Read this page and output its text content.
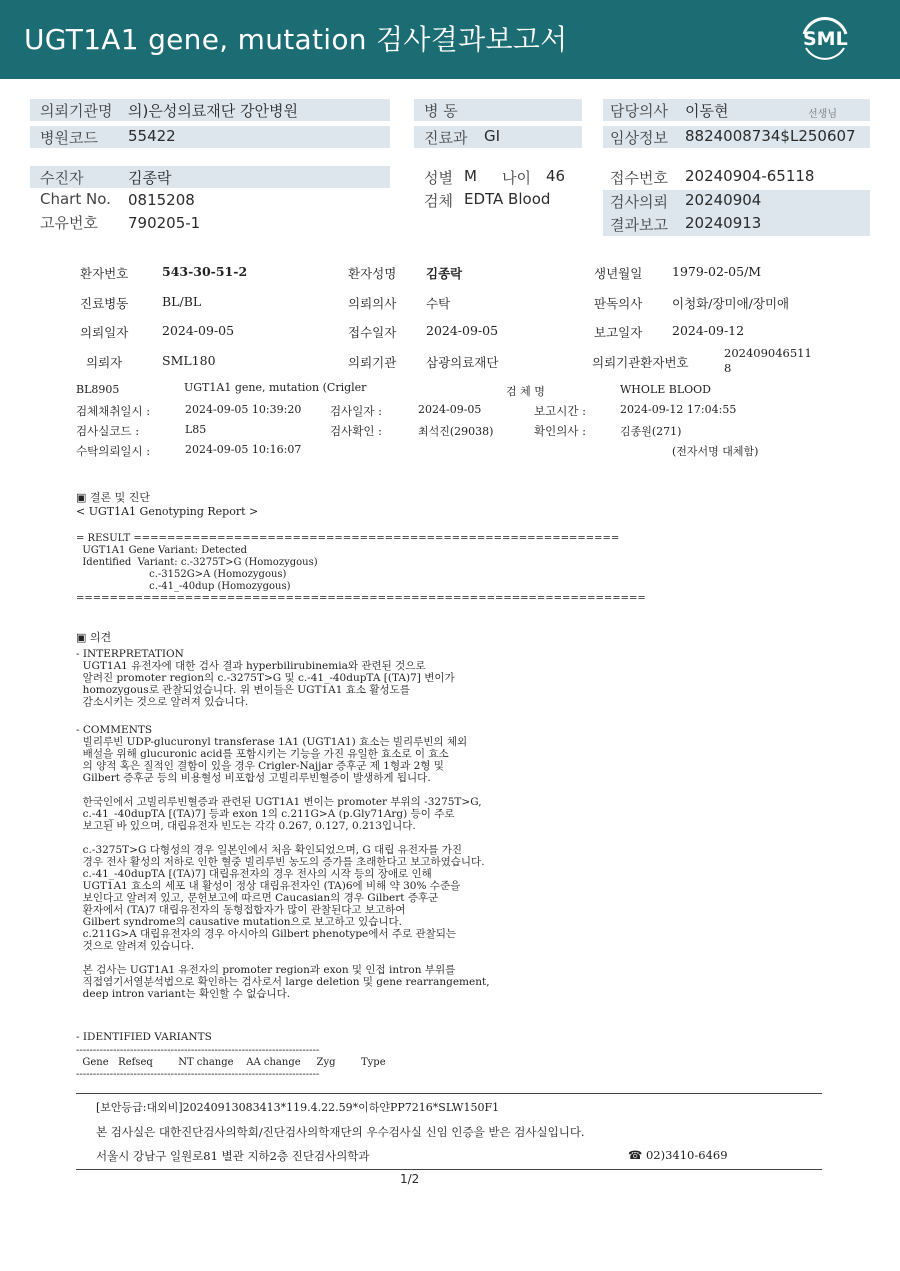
UGT1A1 gene, mutation 검사결과보고서	SML
의뢰기관명 의)은성의료재단 강안병원	병 동	담당의사 이동현	선생님
병원코드 55422	진료과 GI	임상정보 8824008734$L250607
수진자	김종락	성별 M 나이 46	접수번호 20240904-65118
Chart No. 0815208	검체 EDTA Blood	검사의뢰 20240904
고유번호 790205-1	결과보고 20240913
환자번호	543-30-51-2	환자성명 김종락	생년월일 1979-02-05/M
진료병동	BL/BL	의뢰의사 수탁	판독의사 이청화/장미애/장미애
의뢰일자	2024-09-05	접수일자 2024-09-05	보고일자 2024-09-12
의뢰자	SML180	의뢰기관 삼광의료재단	의뢰기관환자번호
202409046511
8
BL8905	UGT1A1 gene, mutation (Crigler	검 체 명	WHOLE BLOOD
검체채취일시 :	2024-09-05 10:39:20 검사일자 :	2024-09-05	보고시간 :	2024-09-12 17:04:55
검사실코드 :	L85	검사확인 :	최석진(29038)	확인의사 :	김종원(271)
수탁의뢰일시 :	2024-09-05 10:16:07	(전자서명 대체함)
▣ 결론 및 진단
< UGT1A1 Genotyping Report >
= RESULT ==========================================================
UGT1A1 Gene Variant: Detected
Identified  Variant: c.-3275T>G (Homozygous)
c.-3152G>A (Homozygous)
c.-41_-40dup (Homozygous)
====================================================================
▣ 의견
- INTERPRETATION
UGT1A1 유전자에 대한 검사 결과 hyperbilirubinemia와 관련된 것으로
알려진 promoter region의 c.-3275T>G 및 c.-41_-40dupTA [(TA)7] 변이가
homozygous로 관찰되었습니다. 위 변이들은 UGT1A1 효소 활성도를
감소시키는 것으로 알려져 있습니다.
- COMMENTS
빌리루빈 UDP-glucuronyl transferase 1A1 (UGT1A1) 효소는 빌리루빈의 체외
배설을 위해 glucuronic acid를 포함시키는 기능을 가진 유일한 효소로 이 효소
의 양적 혹은 질적인 결함이 있을 경우 Crigler-Najjar 증후군 제 1형과 2형 및
Gilbert 증후군 등의 비용혈성 비포합성 고빌리루빈혈증이 발생하게 됩니다.

한국인에서 고빌리루빈혈증과 관련된 UGT1A1 변이는 promoter 부위의 -3275T>G,
c.-41_-40dupTA [(TA)7] 등과 exon 1의 c.211G>A (p.Gly71Arg) 등이 주로
보고된 바 있으며, 대립유전자 빈도는 각각 0.267, 0.127, 0.213입니다.

c.-3275T>G 다형성의 경우 일본인에서 처음 확인되었으며, G 대립 유전자를 가진
경우 전사 활성의 저하로 인한 혈중 빌리루빈 농도의 증가를 초래한다고 보고하였습니다.
c.-41_-40dupTA [(TA)7] 대립유전자의 경우 전사의 시작 등의 장애로 인해
UGT1A1 효소의 세포 내 활성이 정상 대립유전자인 (TA)6에 비해 약 30% 수준을
보인다고 알려져 있고, 문헌보고에 따르면 Caucasian의 경우 Gilbert 증후군
환자에서 (TA)7 대립유전자의 동형접합자가 많이 관찰된다고 보고하여
Gilbert syndrome의 causative mutation으로 보고하고 있습니다.
c.211G>A 대립유전자의 경우 아시아의 Gilbert phenotype에서 주로 관찰되는
것으로 알려져 있습니다.

본 검사는 UGT1A1 유전자의 promoter region과 exon 및 인접 intron 부위를
직접염기서열분석법으로 확인하는 검사로서 large deletion 및 gene rearrangement,
deep intron variant는 확인할 수 없습니다.
- IDENTIFIED VARIANTS
------------------------------------------------------------------------
Gene   Refseq        NT change    AA change     Zyg        Type
------------------------------------------------------------------------
[보안등급:대외비]20240913083413*119.4.22.59*이하얀PP7216*SLW150F1
본 검사실은 대한진단검사의학회/진단검사의학재단의 우수검사실 신임 인증을 받은 검사실입니다.
서울시 강남구 일원로81 별관 지하2층 진단검사의학과	☎ 02)3410-6469
1/2
